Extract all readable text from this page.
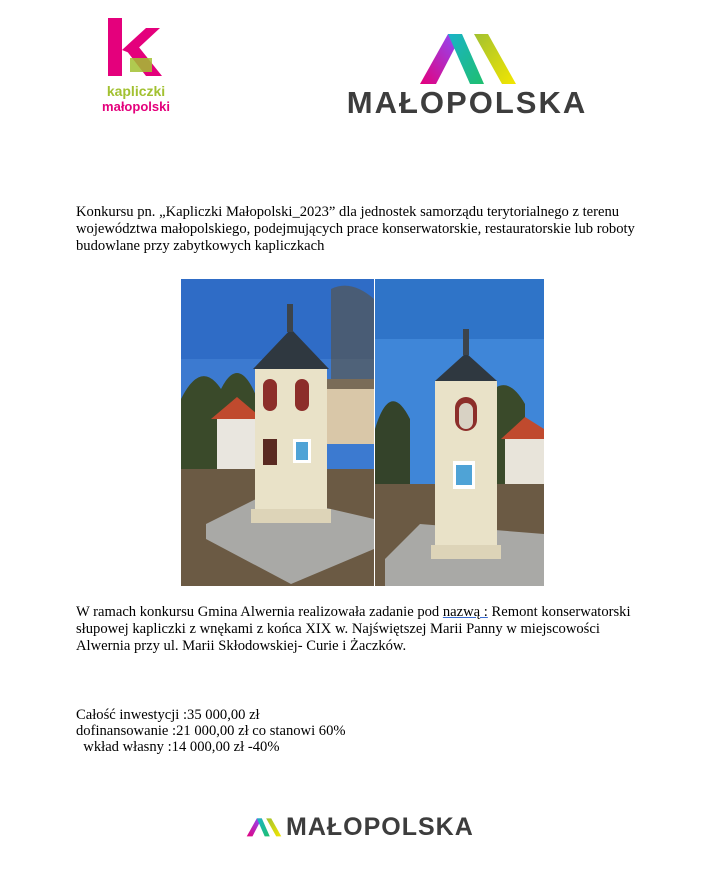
kapliczki
małopolski	MAŁOPOLSKA

Konkursu pn. „Kapliczki Małopolski_2023” dla jednostek samorządu terytorialnego z terenu województwa małopolskiego, podejmujących prace konserwatorskie, restauratorskie lub roboty budowlane przy zabytkowych kapliczkach

W ramach konkursu Gmina Alwernia realizowała zadanie pod nazwą : Remont konserwatorski słupowej kapliczki z wnękami z końca XIX w. Najświętszej Marii Panny w miejscowości Alwernia przy ul. Marii Skłodowskiej- Curie i Żaczków.

Całość inwestycji :35 000,00 zł
dofinansowanie :21 000,00 zł co stanowi 60%
wkład własny :14 000,00 zł -40%
MAŁOPOLSKA
